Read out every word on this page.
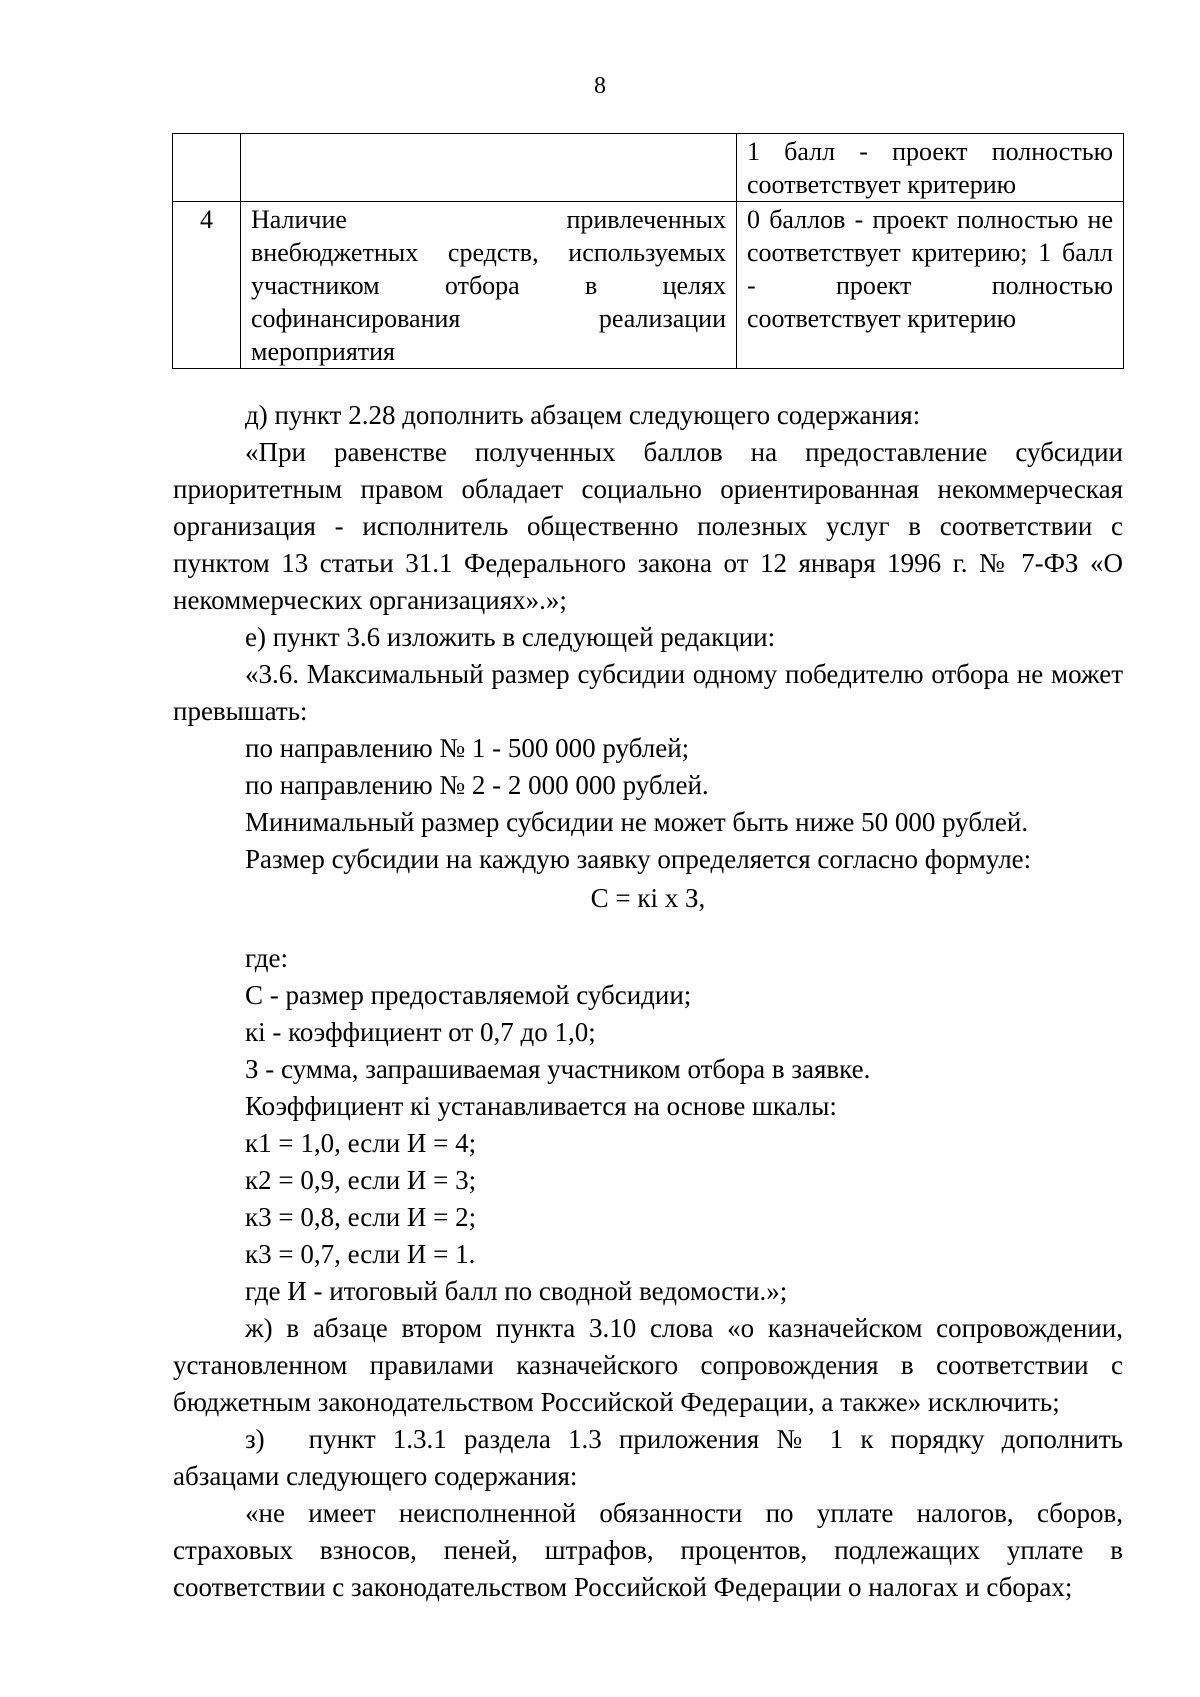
8

		1 балл - проект полностью соответствует критерию

4	Наличие привлеченных
внебюджетных средств, используемых
участником отбора в целях
софинансирования реализации
мероприятия	0 баллов - проект полностью не соответствует критерию; 1 балл - проект полностью соответствует критерию

д) пункт 2.28 дополнить абзацем следующего содержания:

«При равенстве полученных баллов на предоставление субсидии приоритетным правом обладает социально ориентированная некоммерческая организация - исполнитель общественно полезных услуг в соответствии с пунктом 13 статьи 31.1 Федерального закона от 12 января 1996 г. № 7-ФЗ «О некоммерческих организациях».»;

е) пункт 3.6 изложить в следующей редакции:

«3.6. Максимальный размер субсидии одному победителю отбора не может превышать:

по направлению № 1 - 500 000 рублей;

по направлению № 2 - 2 000 000 рублей.

Минимальный размер субсидии не может быть ниже 50 000 рублей.

Размер субсидии на каждую заявку определяется согласно формуле:

С = кі х З,

где:

С - размер предоставляемой субсидии;

кі - коэффициент от 0,7 до 1,0;

З - сумма, запрашиваемая участником отбора в заявке.

Коэффициент кі устанавливается на основе шкалы:

к1 = 1,0, если И = 4;

к2 = 0,9, если И = 3;

к3 = 0,8, если И = 2;

к3 = 0,7, если И = 1.

где И - итоговый балл по сводной ведомости.»;

ж) в абзаце втором пункта 3.10 слова «о казначейском сопровождении, установленном правилами казначейского сопровождения в соответствии с бюджетным законодательством Российской Федерации, а также» исключить;

з) пункт 1.3.1 раздела 1.3 приложения № 1 к порядку дополнить абзацами следующего содержания:

«не имеет неисполненной обязанности по уплате налогов, сборов, страховых взносов, пеней, штрафов, процентов, подлежащих уплате в соответствии с законодательством Российской Федерации о налогах и сборах;
